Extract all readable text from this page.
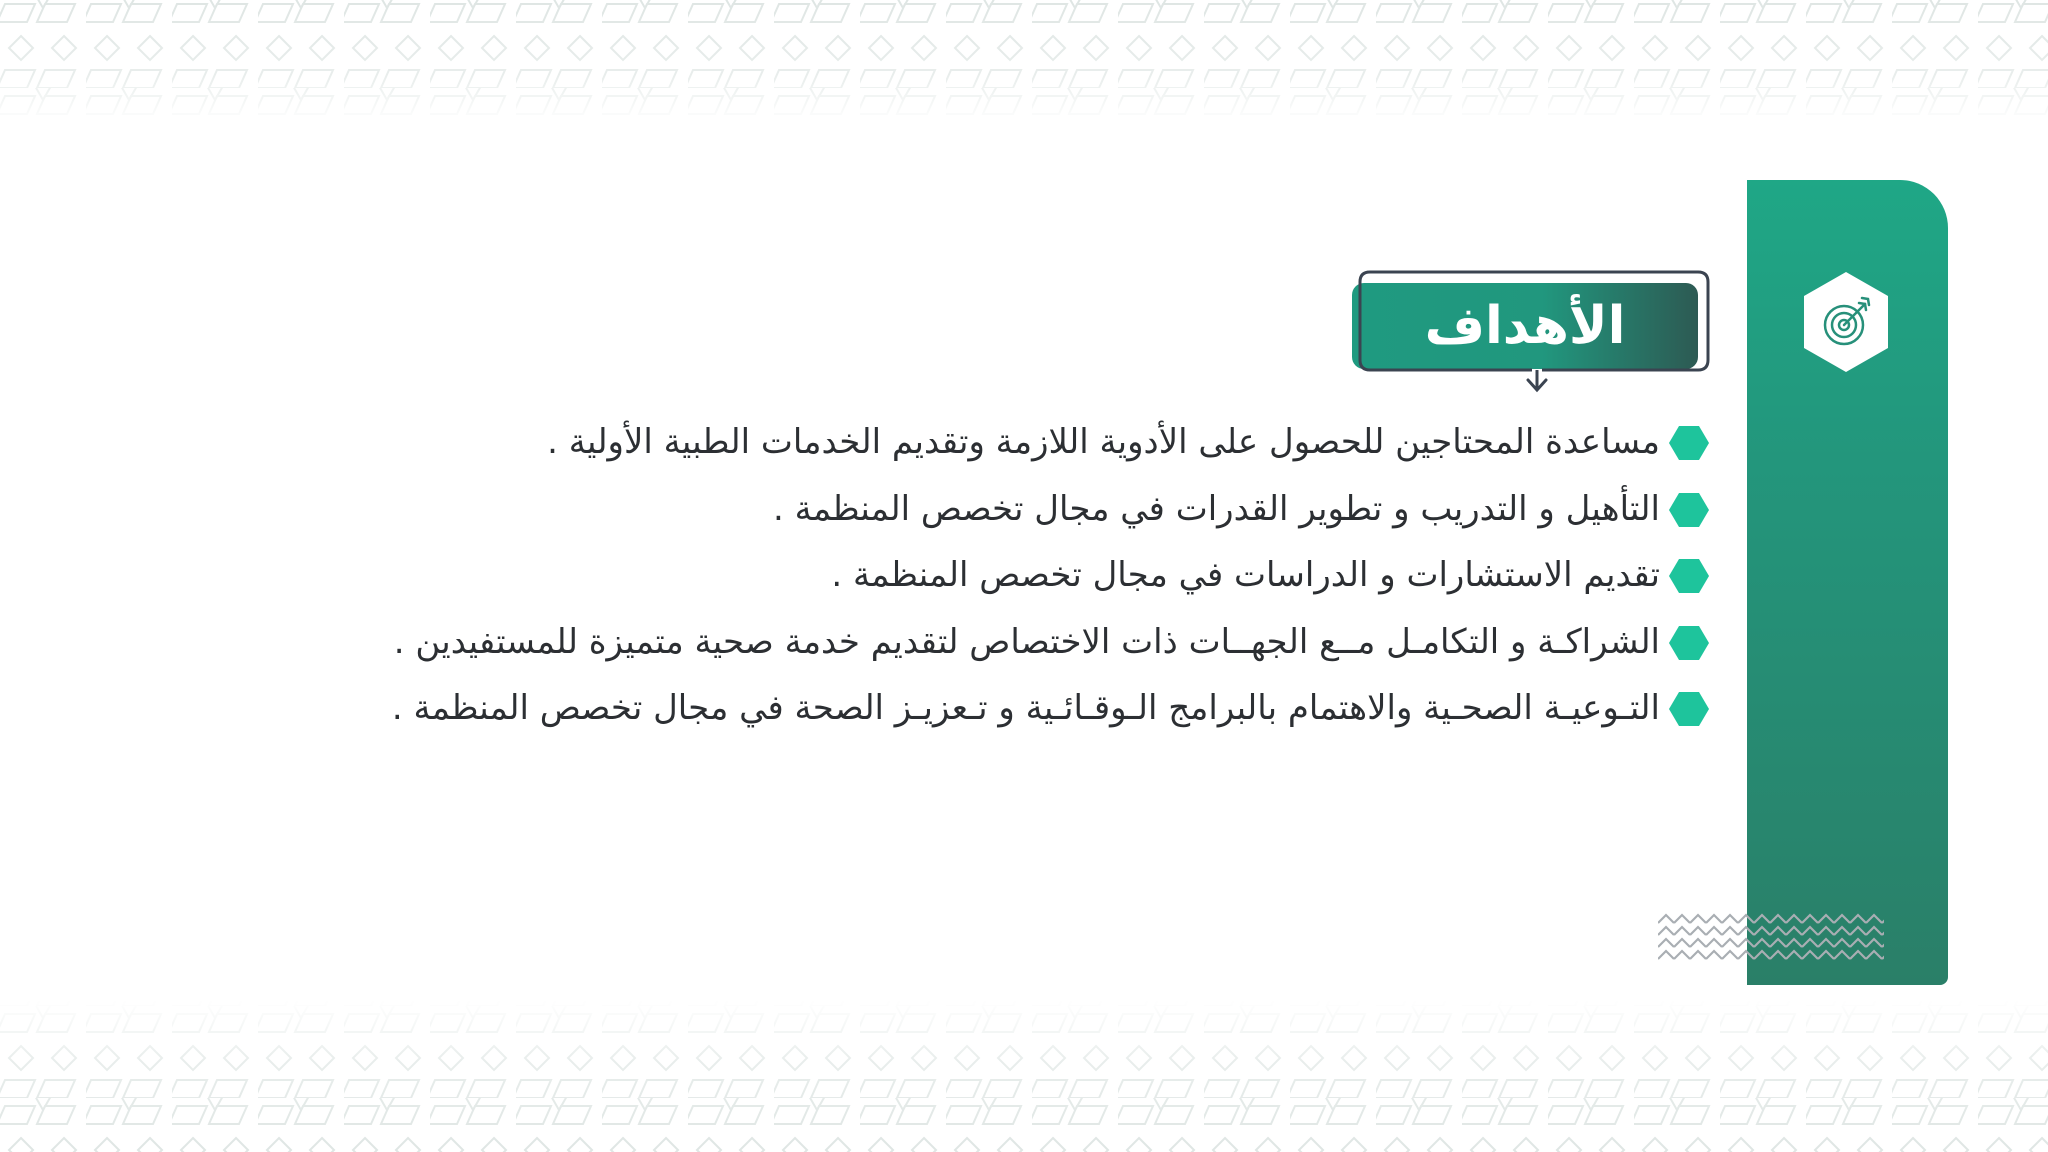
الأهداف
مساعدة المحتاجين للحصول على الأدوية اللازمة وتقديم الخدمات الطبية الأولية .
التأهيل و التدريب و تطوير القدرات في مجال تخصص المنظمة .
تقديم الاستشارات و الدراسات في مجال تخصص المنظمة .
الشراكـة و التكامـل مــع الجهــات ذات الاختصاص لتقديم خدمة صحية متميزة للمستفيدين .
التـوعيـة الصحـية والاهتمام بالبرامج الـوقـائـية و تـعزيـز الصحة في مجال تخصص المنظمة .
